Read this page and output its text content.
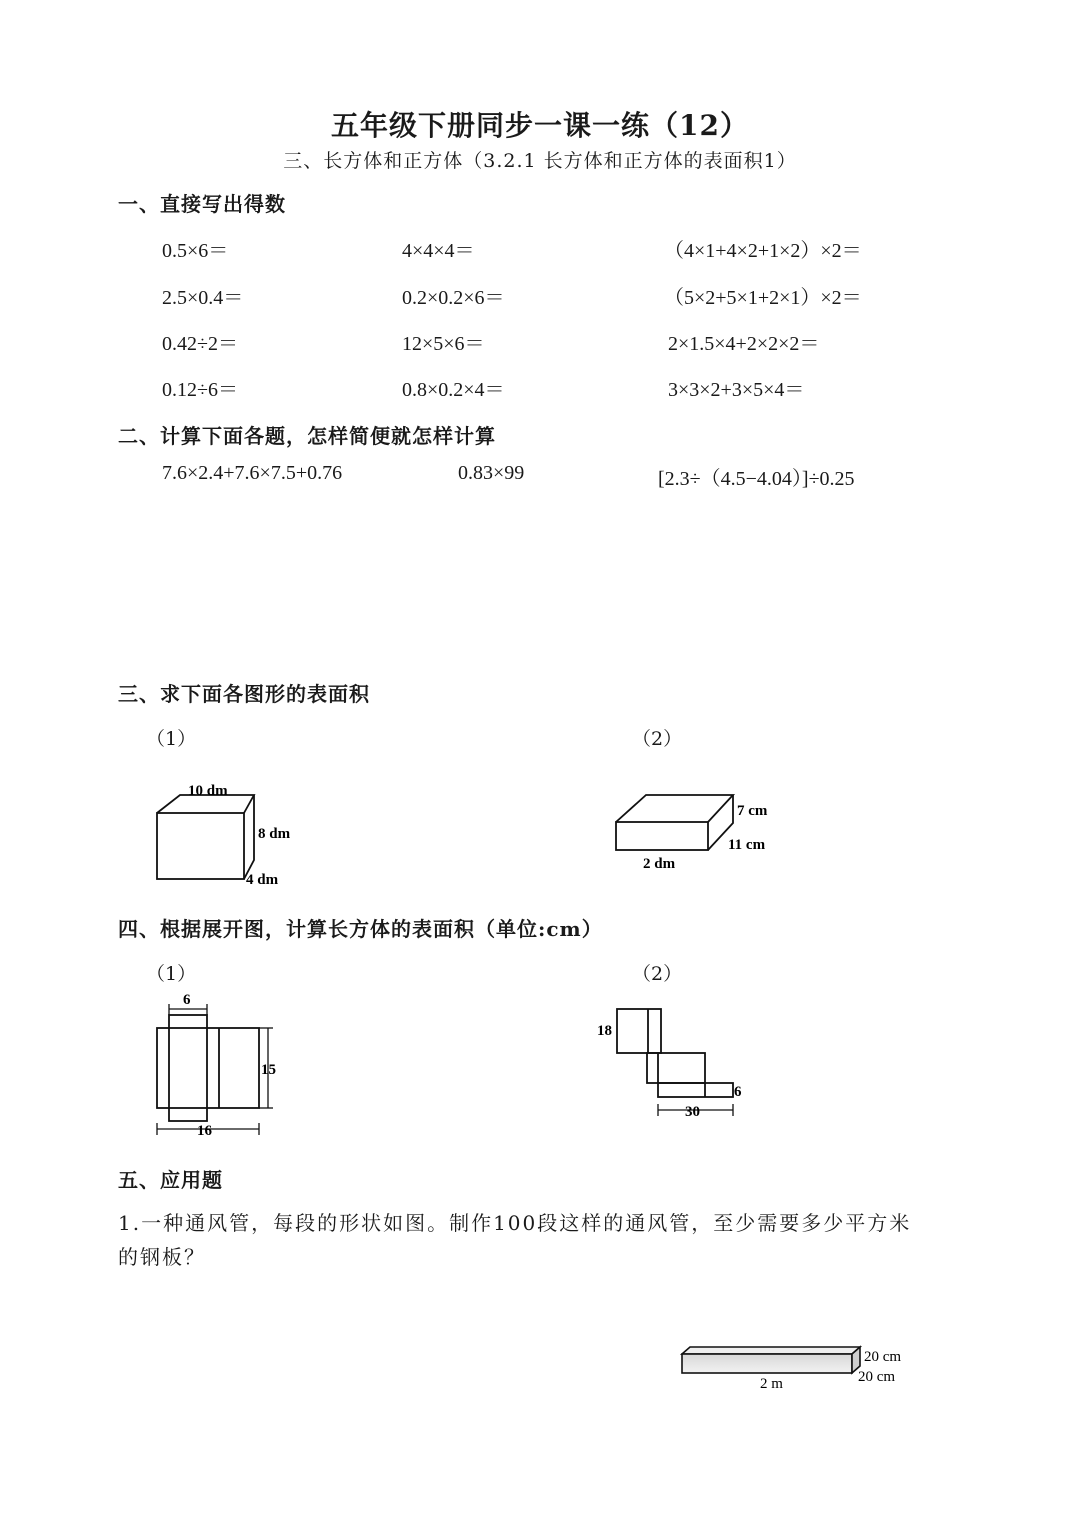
五年级下册同步一课一练（12）
三、长方体和正方体（3.2.1 长方体和正方体的表面积1）
一、直接写出得数
0.5×6＝	4×4×4＝	（4×1+4×2+1×2）×2＝
2.5×0.4＝	0.2×0.2×6＝	（5×2+5×1+2×1）×2＝
0.42÷2＝	12×5×6＝	2×1.5×4+2×2×2＝
0.12÷6＝	0.8×0.2×4＝	3×3×2+3×5×4＝
二、计算下面各题，怎样简便就怎样计算
7.6×2.4+7.6×7.5+0.76	0.83×99	[2.3÷（4.5−4.04）]÷0.25
三、求下面各图形的表面积
（1）	（2）
10 dm
8 dm
4 dm
7 cm
11 cm
2 dm
四、根据展开图，计算长方体的表面积（单位:cm）
（1）	（2）
6
15
16
18
6
30
五、应用题
1.一种通风管，每段的形状如图。制作100段这样的通风管，至少需要多少平方米
的钢板？
20 cm
20 cm
2 m
